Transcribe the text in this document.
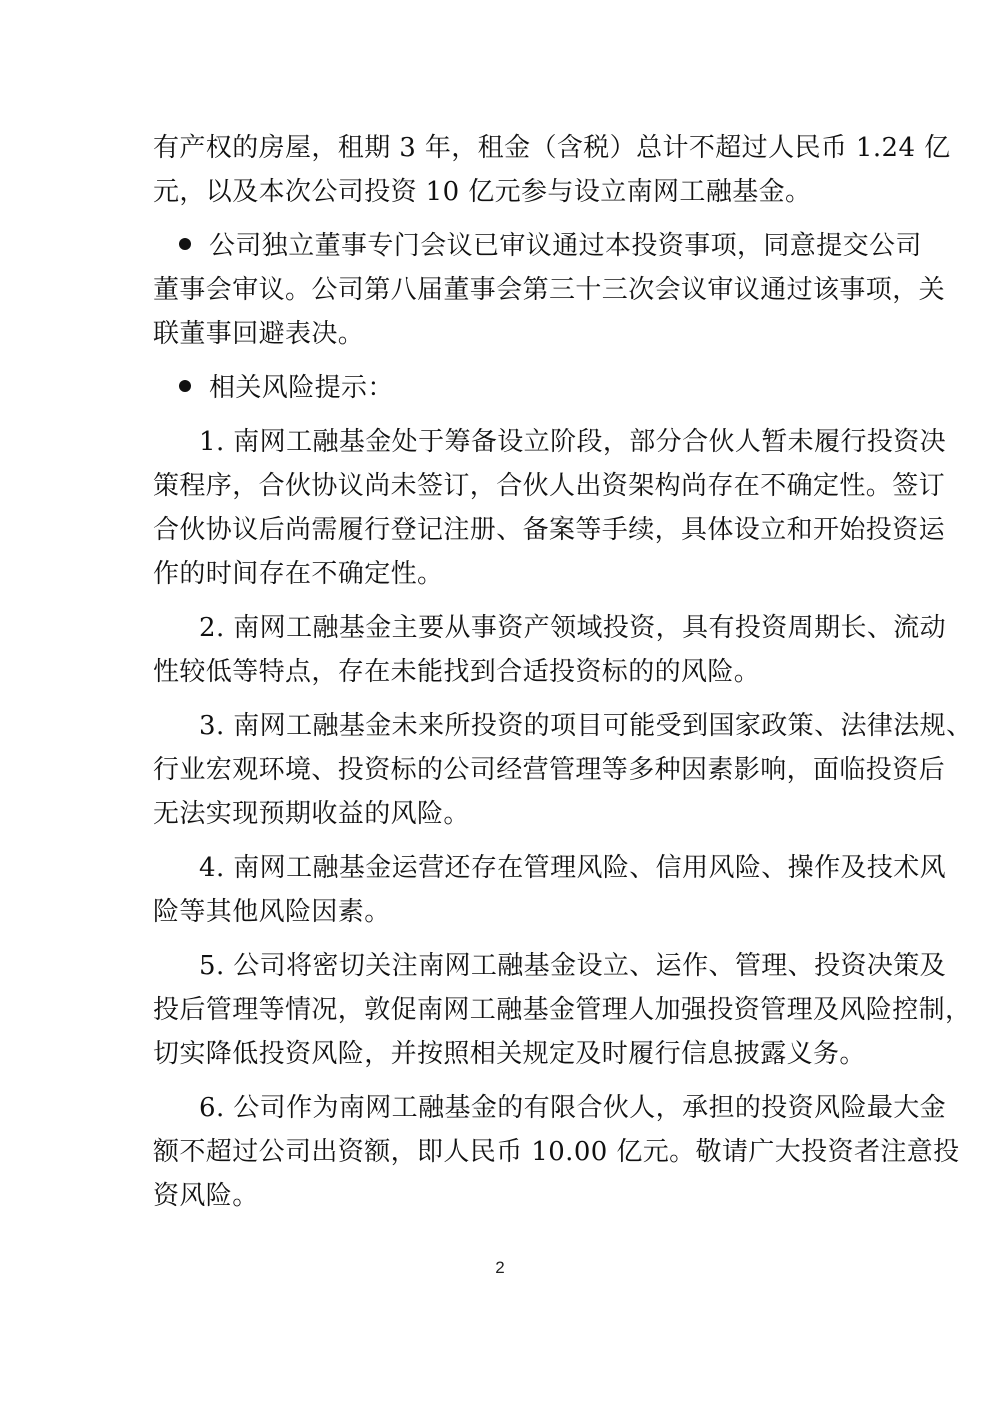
有产权的房屋，租期 3 年，租金（含税）总计不超过人民币 1.24 亿
元，以及本次公司投资 10 亿元参与设立南网工融基金。
公司独立董事专门会议已审议通过本投资事项，同意提交公司
董事会审议。公司第八届董事会第三十三次会议审议通过该事项，关
联董事回避表决。
相关风险提示：
1. 南网工融基金处于筹备设立阶段，部分合伙人暂未履行投资决
策程序，合伙协议尚未签订，合伙人出资架构尚存在不确定性。签订
合伙协议后尚需履行登记注册、备案等手续，具体设立和开始投资运
作的时间存在不确定性。
2. 南网工融基金主要从事资产领域投资，具有投资周期长、流动
性较低等特点，存在未能找到合适投资标的的风险。
3. 南网工融基金未来所投资的项目可能受到国家政策、法律法规、
行业宏观环境、投资标的公司经营管理等多种因素影响，面临投资后
无法实现预期收益的风险。
4. 南网工融基金运营还存在管理风险、信用风险、操作及技术风
险等其他风险因素。
5. 公司将密切关注南网工融基金设立、运作、管理、投资决策及
投后管理等情况，敦促南网工融基金管理人加强投资管理及风险控制，
切实降低投资风险，并按照相关规定及时履行信息披露义务。
6. 公司作为南网工融基金的有限合伙人，承担的投资风险最大金
额不超过公司出资额，即人民币 10.00 亿元。敬请广大投资者注意投
资风险。
2
